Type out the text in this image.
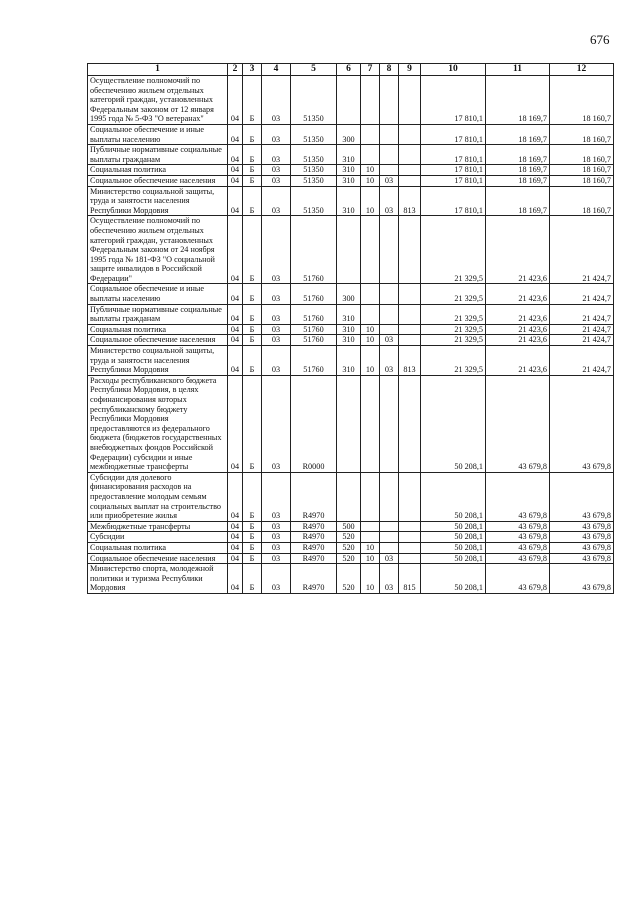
676
1	2	3	4	5	6	7	8	9	10	11	12
Осуществление полномочий по обеспечению жильем отдельных категорий граждан, установленных Федеральным законом от 12 января 1995 года № 5-ФЗ "О ветеранах"	04	Б	03	51350					17 810,1	18 169,7	18 160,7
Социальное обеспечение и иные выплаты населению	04	Б	03	51350	300				17 810,1	18 169,7	18 160,7
Публичные нормативные социальные выплаты гражданам	04	Б	03	51350	310				17 810,1	18 169,7	18 160,7
Социальная политика	04	Б	03	51350	310	10			17 810,1	18 169,7	18 160,7
Социальное обеспечение населения	04	Б	03	51350	310	10	03		17 810,1	18 169,7	18 160,7
Министерство социальной защиты, труда и занятости населения Республики Мордовия	04	Б	03	51350	310	10	03	813	17 810,1	18 169,7	18 160,7
Осуществление полномочий по обеспечению жильем отдельных категорий граждан, установленных Федеральным законом от 24 ноября 1995 года № 181-ФЗ "О социальной защите инвалидов в Российской Федерации"	04	Б	03	51760					21 329,5	21 423,6	21 424,7
Социальное обеспечение и иные выплаты населению	04	Б	03	51760	300				21 329,5	21 423,6	21 424,7
Публичные нормативные социальные выплаты гражданам	04	Б	03	51760	310				21 329,5	21 423,6	21 424,7
Социальная политика	04	Б	03	51760	310	10			21 329,5	21 423,6	21 424,7
Социальное обеспечение населения	04	Б	03	51760	310	10	03		21 329,5	21 423,6	21 424,7
Министерство социальной защиты, труда и занятости населения Республики Мордовия	04	Б	03	51760	310	10	03	813	21 329,5	21 423,6	21 424,7
Расходы республиканского бюджета Республики Мордовия, в целях софинансирования которых республиканскому бюджету Республики Мордовия предоставляются из федерального бюджета (бюджетов государственных внебюджетных фондов Российской Федерации) субсидии и иные межбюджетные трансферты	04	Б	03	R0000					50 208,1	43 679,8	43 679,8
Субсидии для долевого финансирования расходов на предоставление молодым семьям социальных выплат на строительство или приобретение жилья	04	Б	03	R4970					50 208,1	43 679,8	43 679,8
Межбюджетные трансферты	04	Б	03	R4970	500				50 208,1	43 679,8	43 679,8
Субсидии	04	Б	03	R4970	520				50 208,1	43 679,8	43 679,8
Социальная политика	04	Б	03	R4970	520	10			50 208,1	43 679,8	43 679,8
Социальное обеспечение населения	04	Б	03	R4970	520	10	03		50 208,1	43 679,8	43 679,8
Министерство спорта, молодежной политики и туризма Республики Мордовия	04	Б	03	R4970	520	10	03	815	50 208,1	43 679,8	43 679,8
